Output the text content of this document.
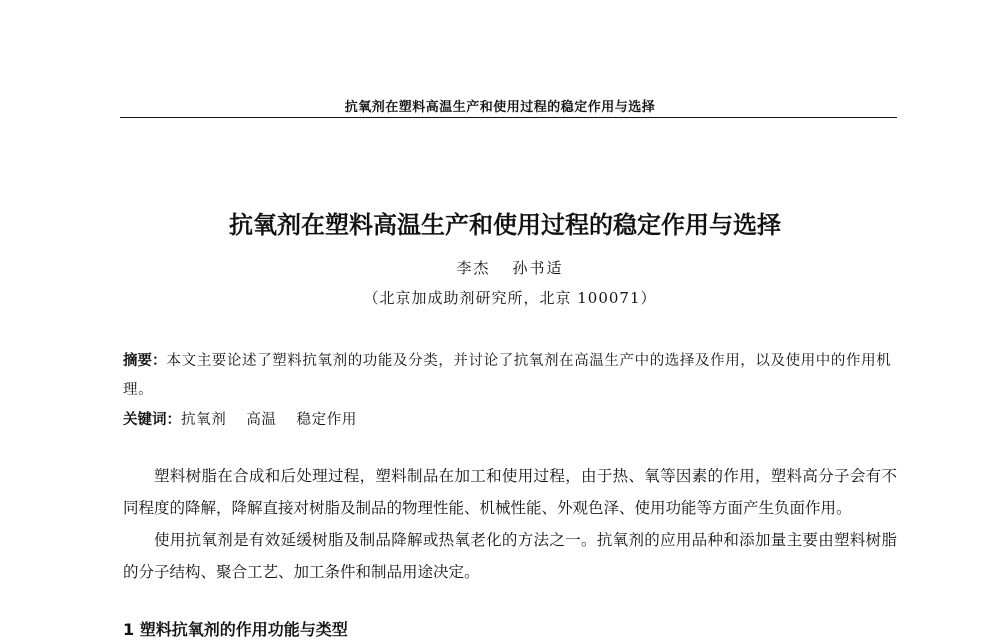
抗氧剂在塑料高温生产和使用过程的稳定作用与选择
抗氧剂在塑料高温生产和使用过程的稳定作用与选择
李杰 孙书适
（北京加成助剂研究所，北京 100071）
摘要：本文主要论述了塑料抗氧剂的功能及分类，并讨论了抗氧剂在高温生产中的选择及作用，以及使用中的作用机理。
关键词：抗氧剂 高温 稳定作用

塑料树脂在合成和后处理过程，塑料制品在加工和使用过程，由于热、氧等因素的作用，塑料高分子会有不同程度的降解，降解直接对树脂及制品的物理性能、机械性能、外观色泽、使用功能等方面产生负面作用。

使用抗氧剂是有效延缓树脂及制品降解或热氧老化的方法之一。抗氧剂的应用品种和添加量主要由塑料树脂的分子结构、聚合工艺、加工条件和制品用途决定。

1 塑料抗氧剂的作用功能与类型
